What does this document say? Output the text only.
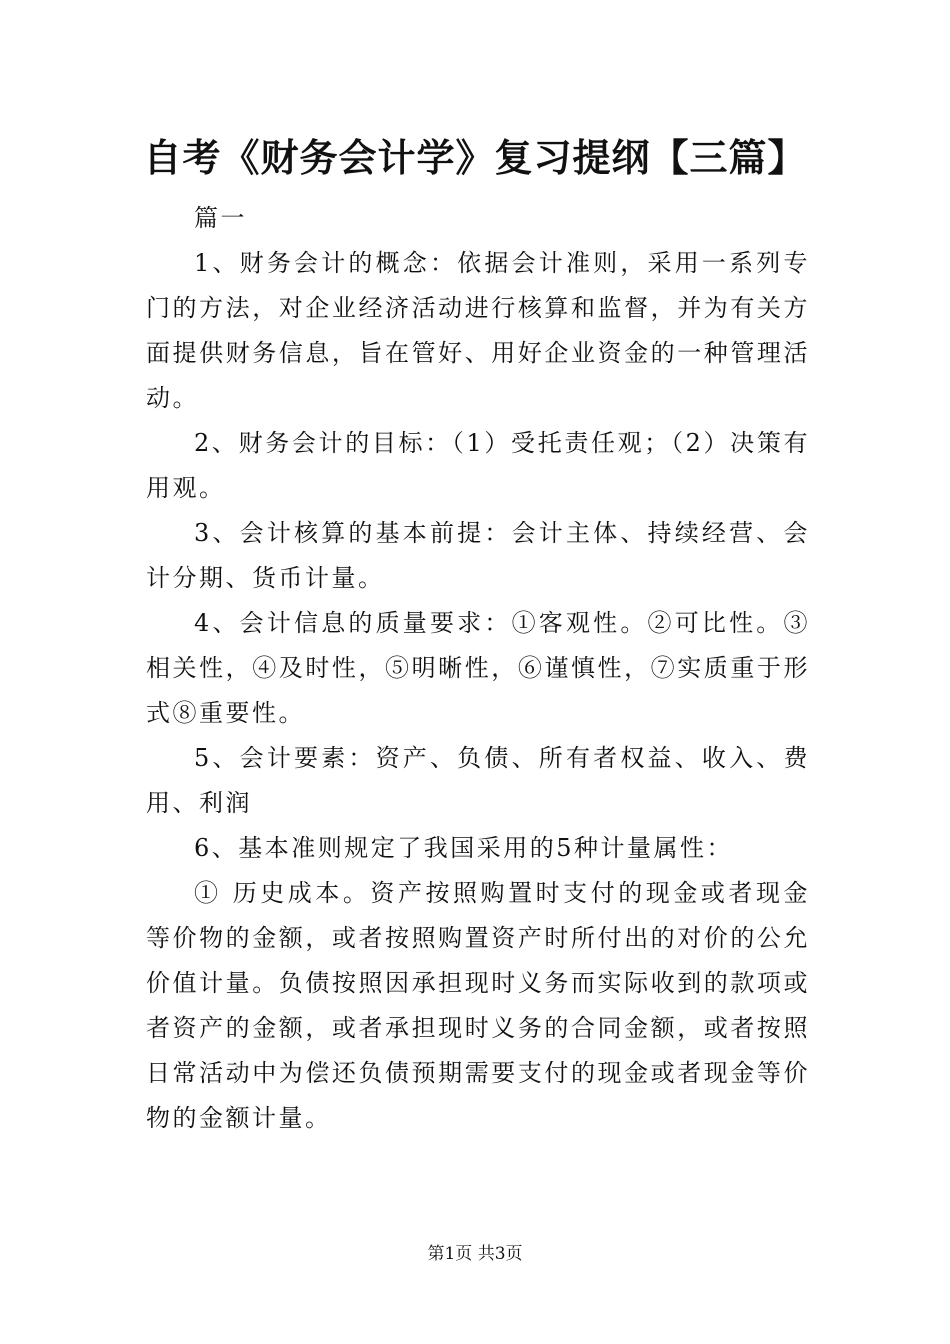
自考《财务会计学》复习提纲【三篇】

篇一

1、财务会计的概念：依据会计准则，采用一系列专门的方法，对企业经济活动进行核算和监督，并为有关方面提供财务信息，旨在管好、用好企业资金的一种管理活动。

2、财务会计的目标：（1）受托责任观；（2）决策有用观。

3、会计核算的基本前提：会计主体、持续经营、会计分期、货币计量。

4、会计信息的质量要求：①客观性。②可比性。③相关性，④及时性，⑤明晰性，⑥谨慎性，⑦实质重于形式⑧重要性。

5、会计要素：资产、负债、所有者权益、收入、费用、利润

6、基本准则规定了我国采用的5种计量属性：

① 历史成本。资产按照购置时支付的现金或者现金等价物的金额，或者按照购置资产时所付出的对价的公允价值计量。负债按照因承担现时义务而实际收到的款项或者资产的金额，或者承担现时义务的合同金额，或者按照日常活动中为偿还负债预期需要支付的现金或者现金等价物的金额计量。

第1页 共3页
